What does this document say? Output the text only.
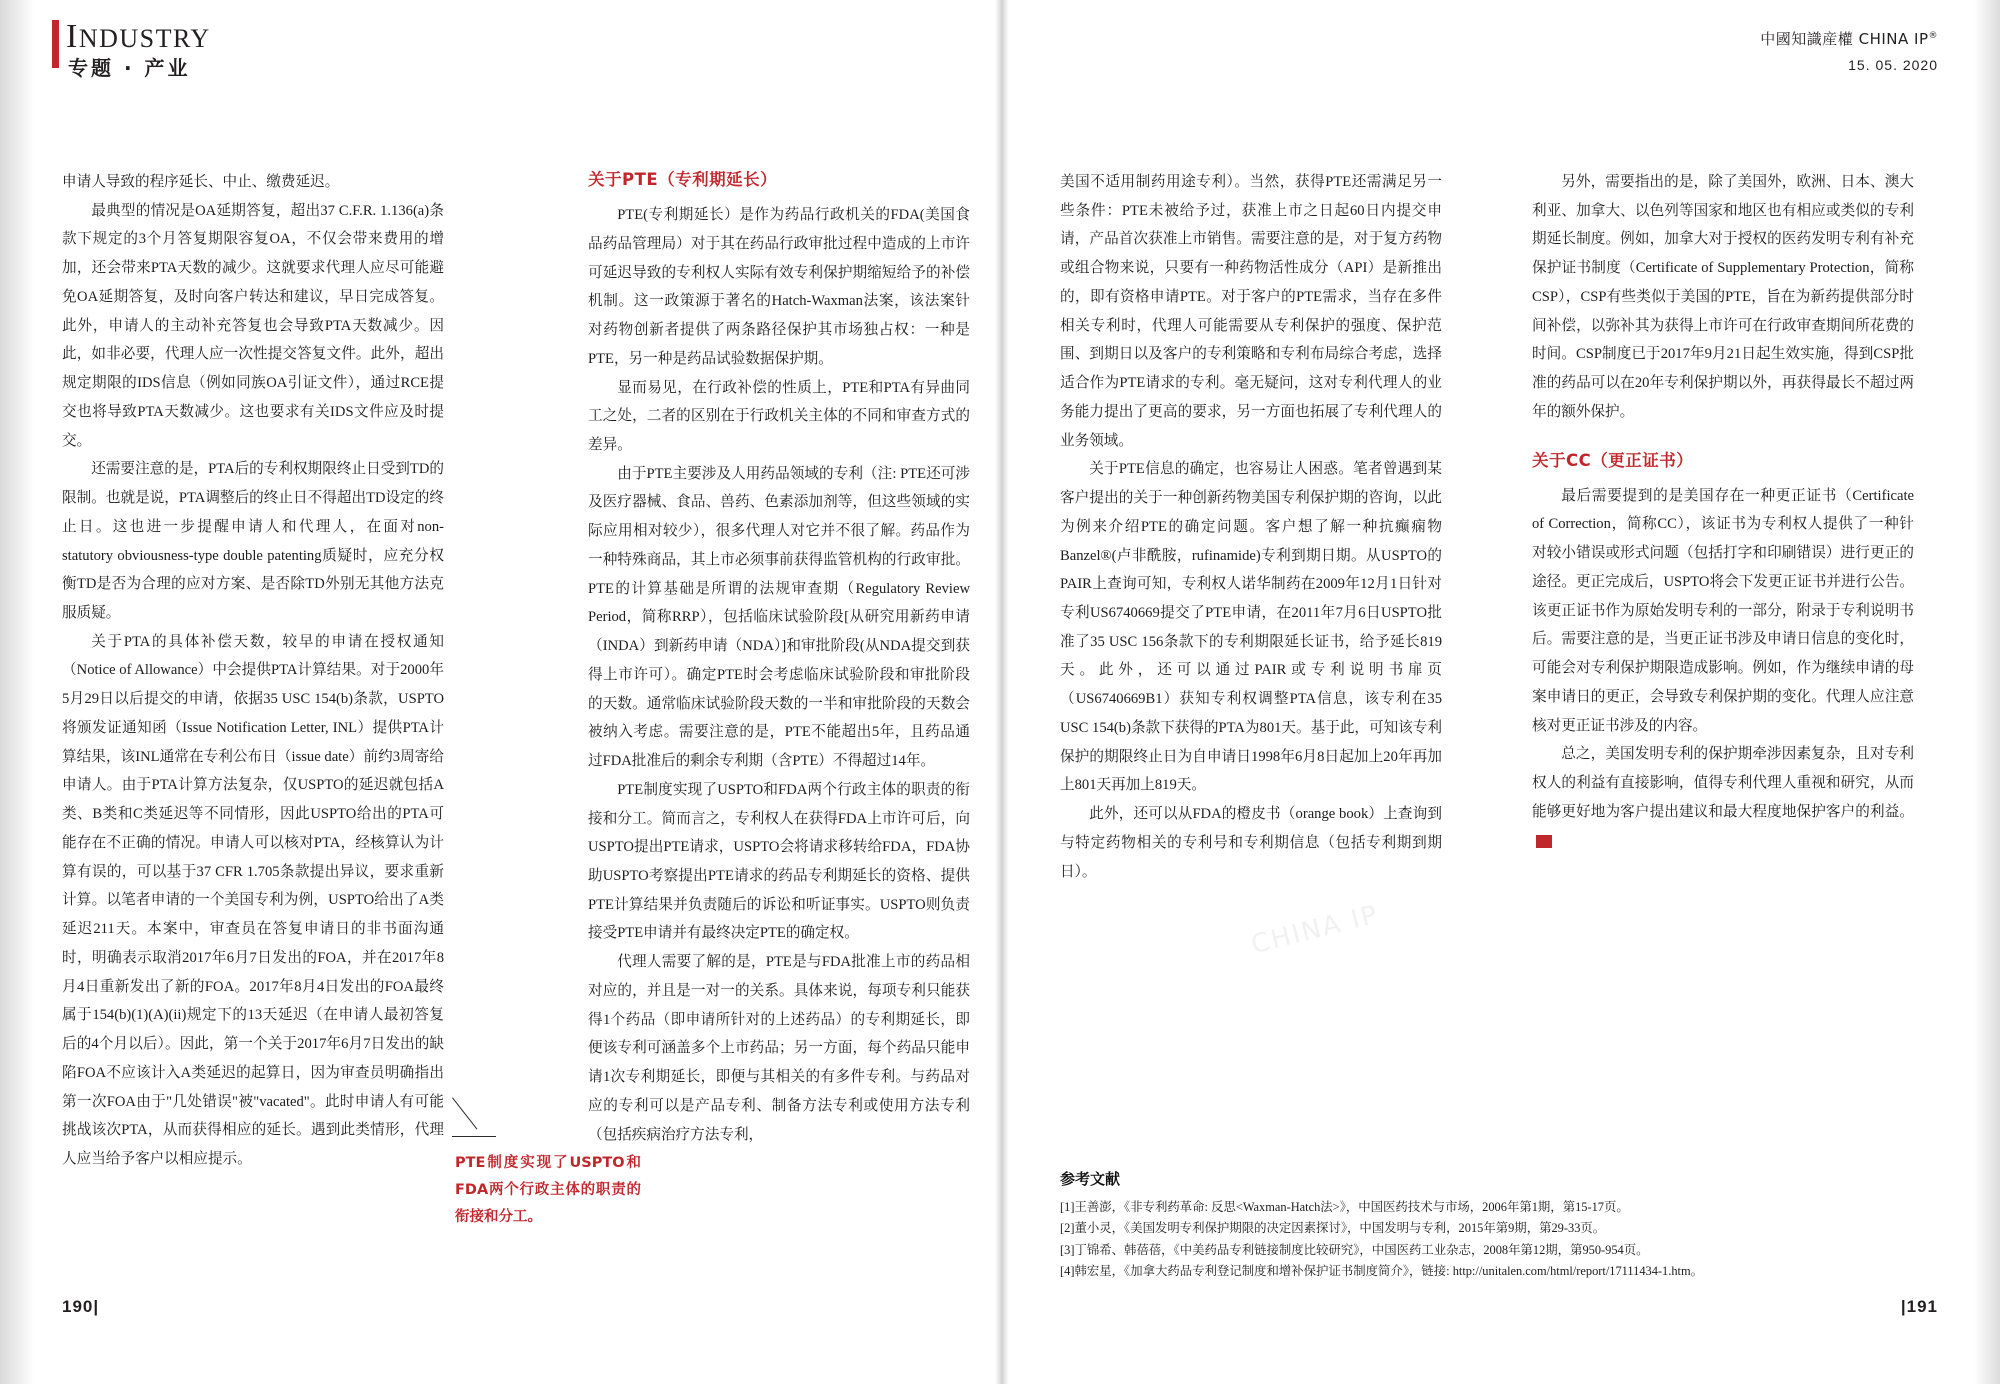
INDUSTRY
专题 · 产业
中國知識産權 CHINA IP®
15. 05. 2020

申请人导致的程序延长、中止、缴费延迟。

最典型的情况是OA延期答复，超出37 C.F.R. 1.136(a)条款下规定的3个月答复期限容复OA，不仅会带来费用的增加，还会带来PTA天数的减少。这就要求代理人应尽可能避免OA延期答复，及时向客户转达和建议，早日完成答复。此外，申请人的主动补充答复也会导致PTA天数减少。因此，如非必要，代理人应一次性提交答复文件。此外，超出规定期限的IDS信息（例如同族OA引证文件），通过RCE提交也将导致PTA天数减少。这也要求有关IDS文件应及时提交。

还需要注意的是，PTA后的专利权期限终止日受到TD的限制。也就是说，PTA调整后的终止日不得超出TD设定的终止日。这也进一步提醒申请人和代理人，在面对non-statutory obviousness-type double patenting质疑时，应充分权衡TD是否为合理的应对方案、是否除TD外别无其他方法克服质疑。

关于PTA的具体补偿天数，较早的申请在授权通知（Notice of Allowance）中会提供PTA计算结果。对于2000年5月29日以后提交的申请，依据35 USC 154(b)条款，USPTO将颁发证通知函（Issue Notification Letter, INL）提供PTA计算结果，该INL通常在专利公布日（issue date）前约3周寄给申请人。由于PTA计算方法复杂，仅USPTO的延迟就包括A类、B类和C类延迟等不同情形，因此USPTO给出的PTA可能存在不正确的情况。申请人可以核对PTA，经核算认为计算有误的，可以基于37 CFR 1.705条款提出异议，要求重新计算。以笔者申请的一个美国专利为例，USPTO给出了A类延迟211天。本案中，审查员在答复申请日的非书面沟通时，明确表示取消2017年6月7日发出的FOA，并在2017年8月4日重新发出了新的FOA。2017年8月4日发出的FOA最终属于154(b)(1)(A)(ii)规定下的13天延迟（在申请人最初答复后的4个月以后）。因此，第一个关于2017年6月7日发出的缺陷FOA不应该计入A类延迟的起算日，因为审查员明确指出第一次FOA由于"几处错误"被"vacated"。此时申请人有可能挑战该次PTA，从而获得相应的延长。遇到此类情形，代理人应当给予客户以相应提示。	PTE制度实现了USPTO和FDA两个行政主体的职责的衔接和分工。
关于PTE（专利期延长）

PTE(专利期延长）是作为药品行政机关的FDA(美国食品药品管理局）对于其在药品行政审批过程中造成的上市许可延迟导致的专利权人实际有效专利保护期缩短给予的补偿机制。这一政策源于著名的Hatch-Waxman法案，该法案针对药物创新者提供了两条路径保护其市场独占权：一种是PTE，另一种是药品试验数据保护期。

显而易见，在行政补偿的性质上，PTE和PTA有异曲同工之处，二者的区别在于行政机关主体的不同和审查方式的差异。

由于PTE主要涉及人用药品领域的专利（注: PTE还可涉及医疗器械、食品、兽药、色素添加剂等，但这些领域的实际应用相对较少），很多代理人对它并不很了解。药品作为一种特殊商品，其上市必须事前获得监管机构的行政审批。PTE的计算基础是所谓的法规审查期（Regulatory Review Period，简称RRP），包括临床试验阶段[从研究用新药申请（INDA）到新药申请（NDA）]和审批阶段(从NDA提交到获得上市许可）。确定PTE时会考虑临床试验阶段和审批阶段的天数。通常临床试验阶段天数的一半和审批阶段的天数会被纳入考虑。需要注意的是，PTE不能超出5年，且药品通过FDA批准后的剩余专利期（含PTE）不得超过14年。

PTE制度实现了USPTO和FDA两个行政主体的职责的衔接和分工。简而言之，专利权人在获得FDA上市许可后，向USPTO提出PTE请求，USPTO会将请求移转给FDA，FDA协助USPTO考察提出PTE请求的药品专利期延长的资格、提供PTE计算结果并负责随后的诉讼和听证事实。USPTO则负责接受PTE申请并有最终决定PTE的确定权。

代理人需要了解的是，PTE是与FDA批准上市的药品相对应的，并且是一对一的关系。具体来说，每项专利只能获得1个药品（即申请所针对的上述药品）的专利期延长，即便该专利可涵盖多个上市药品；另一方面，每个药品只能申请1次专利期延长，即便与其相关的有多件专利。与药品对应的专利可以是产品专利、制备方法专利或使用方法专利（包括疾病治疗方法专利，

美国不适用制药用途专利）。当然，获得PTE还需满足另一些条件：PTE未被给予过，获准上市之日起60日内提交申请，产品首次获准上市销售。需要注意的是，对于复方药物或组合物来说，只要有一种药物活性成分（API）是新推出的，即有资格申请PTE。对于客户的PTE需求，当存在多件相关专利时，代理人可能需要从专利保护的强度、保护范围、到期日以及客户的专利策略和专利布局综合考虑，选择适合作为PTE请求的专利。毫无疑问，这对专利代理人的业务能力提出了更高的要求，另一方面也拓展了专利代理人的业务领域。

关于PTE信息的确定，也容易让人困惑。笔者曾遇到某客户提出的关于一种创新药物美国专利保护期的咨询，以此为例来介绍PTE的确定问题。客户想了解一种抗癫痫物Banzel®(卢非酰胺，rufinamide)专利到期日期。从USPTO的PAIR上查询可知，专利权人诺华制药在2009年12月1日针对专利US6740669提交了PTE申请，在2011年7月6日USPTO批准了35 USC 156条款下的专利期限延长证书，给予延长819天。此外，还可以通过PAIR或专利说明书扉页（US6740669B1）获知专利权调整PTA信息，该专利在35 USC 154(b)条款下获得的PTA为801天。基于此，可知该专利保护的期限终止日为自申请日1998年6月8日起加上20年再加上801天再加上819天。

此外，还可以从FDA的橙皮书（orange book）上查询到与特定药物相关的专利号和专利期信息（包括专利期到期日）。

另外，需要指出的是，除了美国外，欧洲、日本、澳大利亚、加拿大、以色列等国家和地区也有相应或类似的专利期延长制度。例如，加拿大对于授权的医药发明专利有补充保护证书制度（Certificate of Supplementary Protection，简称CSP），CSP有些类似于美国的PTE，旨在为新药提供部分时间补偿，以弥补其为获得上市许可在行政审查期间所花费的时间。CSP制度已于2017年9月21日起生效实施，得到CSP批准的药品可以在20年专利保护期以外，再获得最长不超过两年的额外保护。

关于CC（更正证书）

最后需要提到的是美国存在一种更正证书（Certificate of Correction，简称CC），该证书为专利权人提供了一种针对较小错误或形式问题（包括打字和印刷错误）进行更正的途径。更正完成后，USPTO将会下发更正证书并进行公告。该更正证书作为原始发明专利的一部分，附录于专利说明书后。需要注意的是，当更正证书涉及申请日信息的变化时，可能会对专利保护期限造成影响。例如，作为继续申请的母案申请日的更正，会导致专利保护期的变化。代理人应注意核对更正证书涉及的内容。

总之，美国发明专利的保护期牵涉因素复杂，且对专利权人的利益有直接影响，值得专利代理人重视和研究，从而能够更好地为客户提出建议和最大程度地保护客户的利益。IP

CHINA IP
参考文献

[1]王善澎，《非专利药革命: 反思<Waxman-Hatch法>》，中国医药技术与市场，2006年第1期，第15-17页。

[2]董小灵，《美国发明专利保护期限的决定因素探讨》，中国发明与专利，2015年第9期，第29-33页。

[3]丁锦希、韩蓓蓓，《中美药品专利链接制度比较研究》，中国医药工业杂志，2008年第12期，第950-954页。

[4]韩宏星，《加拿大药品专利登记制度和增补保护证书制度简介》，链接: http://unitalen.com/html/report/17111434-1.htm。

190|	|191
